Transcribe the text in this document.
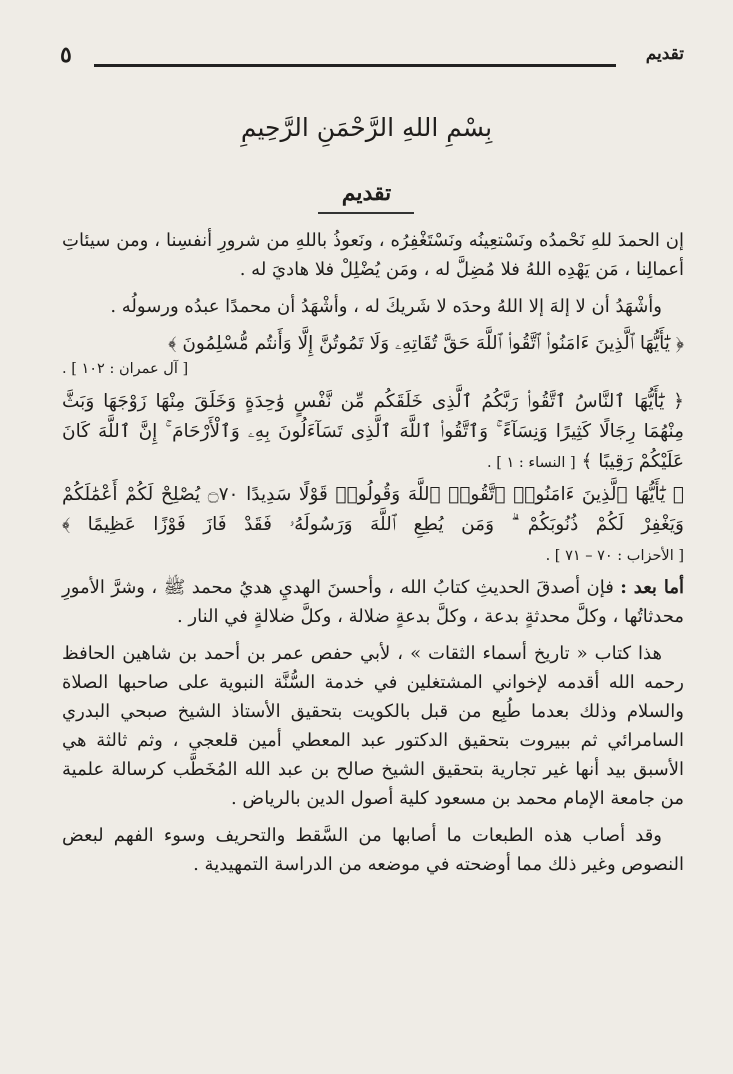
٥	تقديم
بِسْمِ اللهِ الرَّحْمَنِ الرَّحِيمِ
تقديم

إن الحمدَ للهِ نَحْمدُه ونَسْتعِينُه ونَسْتَغْفِرُه ، ونَعوذُ باللهِ من شرورِ أنفسِنا ، ومن سيئاتِ أعمالِنا ، مَن يَهْدِه اللهُ فلا مُضِلَّ له ، ومَن يُضْلِلْ فلا هاديَ له .

وأشْهَدُ أن لا إلهَ إلا اللهُ وحدَه لا شَريكَ له ، وأشْهَدُ أن محمدًا عبدُه ورسولُه .

﴿ يَٰٓأَيُّهَا ٱلَّذِينَ ءَامَنُوا۟ ٱتَّقُوا۟ ٱللَّهَ حَقَّ تُقَاتِهِۦ وَلَا تَمُوتُنَّ إِلَّا وَأَنتُم مُّسْلِمُونَ ﴾

[ آل عمران : ١٠٢ ] .

﴿ يَٰٓأَيُّهَا ٱلنَّاسُ ٱتَّقُوا۟ رَبَّكُمُ ٱلَّذِى خَلَقَكُم مِّن نَّفْسٍ وَٰحِدَةٍ وَخَلَقَ مِنْهَا زَوْجَهَا وَبَثَّ مِنْهُمَا رِجَالًا كَثِيرًا وَنِسَآءً ۚ وَٱتَّقُوا۟ ٱللَّهَ ٱلَّذِى تَسَآءَلُونَ بِهِۦ وَٱلْأَرْحَامَ ۚ إِنَّ ٱللَّهَ كَانَ عَلَيْكُمْ رَقِيبًا ﴾ [ النساء : ١ ] .

﴿ يَٰٓأَيُّهَا ٱلَّذِينَ ءَامَنُوا۟ ٱتَّقُوا۟ ٱللَّهَ وَقُولُوا۟ قَوْلًا سَدِيدًا ۝٧٠ يُصْلِحْ لَكُمْ أَعْمَٰلَكُمْ وَيَغْفِرْ لَكُمْ ذُنُوبَكُمْ ۗ وَمَن يُطِعِ ٱللَّهَ وَرَسُولَهُۥ فَقَدْ فَازَ فَوْزًا عَظِيمًا ﴾ [ الأحزاب : ٧٠ – ٧١ ] .

أما بعد : فإن أصدقَ الحديثِ كتابُ الله ، وأحسنَ الهديِ هديُ محمد ﷺ ، وشرَّ الأمورِ محدثاتُها ، وكلَّ محدثةٍ بدعة ، وكلَّ بدعةٍ ضلالة ، وكلَّ ضلالةٍ في النار .

هذا كتاب « تاريخ أسماء الثقات » ، لأبي حفص عمر بن أحمد بن شاهين الحافظ رحمه الله أقدمه لإخواني المشتغلين في خدمة السُّنَّة النبوية على صاحبها الصلاة والسلام وذلك بعدما طُبِع من قبل بالكويت بتحقيق الأستاذ الشيخ صبحي البدري السامرائي ثم ببيروت بتحقيق الدكتور عبد المعطي أمين قلعجي ، وثم ثالثة هي الأسبق بيد أنها غير تجارية بتحقيق الشيخ صالح بن عبد الله المُخَطَّب كرسالة علمية من جامعة الإمام محمد بن مسعود كلية أصول الدين بالرياض .

وقد أصاب هذه الطبعات ما أصابها من السَّقط والتحريف وسوء الفهم لبعض النصوص وغير ذلك مما أوضحته في موضعه من الدراسة التمهيدية .
